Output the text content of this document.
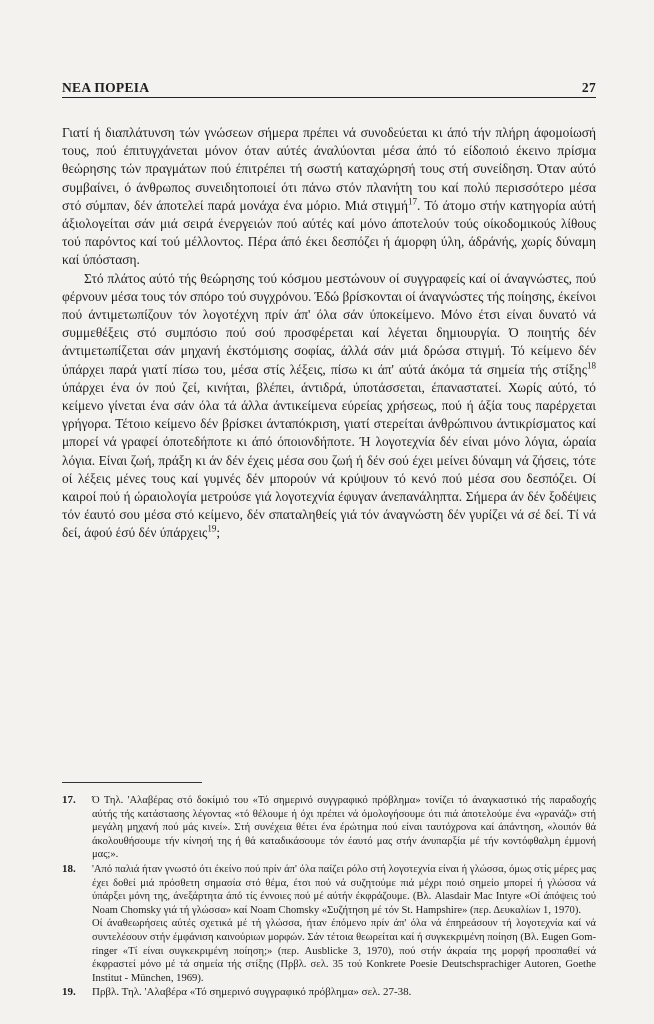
ΝΕΑ ΠΟΡΕΙΑ	27

Γιατί ή διαπλάτυνση τών γνώσεων σήμερα πρέπει νά συνοδεύεται κι άπό τήν πλήρη άφομοίωσή τους, πού έπιτυγχάνεται μόνον όταν αύτές άναλύονται μέσα άπό τό είδοποιό έκεινο πρίσμα θεώρησης τών πραγμάτων πού έπιτρέπει τή σωστή καταχώρησή τους στή συνείδηση. Όταν αύτό συμβαίνει, ό άνθρωπος συνειδητοποιεί ότι πάνω στόν πλανήτη του καί πολύ περισσότερο μέσα στό σύμπαν, δέν άποτελεί παρά μονάχα ένα μόριο. Μιά στιγμή$^{17}$. Τό άτομο στήν κατηγορία αύτή άξιολογείται σάν μιά σειρά ένεργειών πού αύτές καί μόνο άποτελούν τούς οίκοδομικούς λίθους τού παρόντος καί τού μέλλοντος. Πέρα άπό έκει δεσπόζει ή άμορφη ύλη, άδράνής, χωρίς δύναμη καί ύπόσταση.

Στό πλάτος αύτό τής θεώρησης τού κόσμου μεστώνουν οί συγγραφείς καί οί άναγνώστες, πού φέρνουν μέσα τους τόν σπόρο τού συγχρόνου. Έδώ βρίσκονται οί άναγνώστες τής ποίησης, έκείνοι πού άντιμετωπίζουν τόν λογοτέχνη πρίν άπ' όλα σάν ύποκείμενο. Μόνο έτσι είναι δυνατό νά συμμεθέξεις στό συμπόσιο πού σού προσφέρεται καί λέγεται δημιουργία. Ό ποιητής δέν άντιμετωπίζεται σάν μηχανή έκστόμισης σοφίας, άλλά σάν μιά δρώσα στιγμή. Τό κείμενο δέν ύπάρχει παρά γιατί πίσω του, μέσα στίς λέξεις, πίσω κι άπ' αύτά άκόμα τά σημεία τής στίξης$^{18}$ ύπάρχει ένα όν πού ζεί, κινήται, βλέπει, άντιδρά, ύποτάσσεται, έπαναστατεί. Χωρίς αύτό, τό κείμενο γίνεται ένα σάν όλα τά άλλα άντικείμενα εύρείας χρήσεως, πού ή άξία τους παρέρχεται γρήγορα. Τέτοιο κείμενο δέν βρίσκει άνταπόκριση, γιατί στερείται άνθρώπινου άντικρίσματος καί μπορεί νά γραφεί όποτεδήποτε κι άπό όποιονδήποτε. Ή λογοτεχνία δέν είναι μόνο λόγια, ώραία λόγια. Είναι ζωή, πράξη κι άν δέν έχεις μέσα σου ζωή ή δέν σού έχει μείνει δύναμη νά ζήσεις, τότε οί λέξεις μένες τους καί γυμνές δέν μπορούν νά κρύψουν τό κενό πού μέσα σου δεσπόζει. Οί καιροί πού ή ώραιολογία μετρούσε γιά λογοτεχνία έφυγαν άνεπανάληπτα. Σήμερα άν δέν ξοδέψεις τόν έαυτό σου μέσα στό κείμενο, δέν σπαταληθείς γιά τόν άναγνώστη δέν γυρίζει νά σέ δεί. Τί νά δεί, άφού έσύ δέν ύπάρχεις$^{19}$;

17.	Ό Τηλ. 'Αλαβέρας στό δοκίμιό του «Τό σημερινό συγγραφικό πρόβλημα» τονίζει τό άναγκαστικό τής παραδοχής αύτής τής κατάστασης λέγοντας «τό θέλουμε ή όχι πρέπει νά όμολογήσουμε ότι πιά άποτελούμε ένα «γρανάζι» στή μεγάλη μηχανή πού μάς κινεί». Στή συνέχεια θέτει ένα έρώτημα πού είναι ταυτόχρονα καί άπάντηση, «λοιπόν θά άκολουθήσουμε τήν κίνησή της ή θά καταδικάσουμε τόν έαυτό μας στήν άνυπαρξία μέ τήν κοντόφθαλμη έμμονή μας;».

18.	'Από παλιά ήταν γνωστό ότι έκείνο πού πρίν άπ' όλα παίζει ρόλο στή λογοτεχνία είναι ή γλώσσα, όμως στίς μέρες μας έχει δοθεί μιά πρόσθετη σημασία στό θέμα, έτσι πού νά συζητούμε πιά μέχρι ποιό σημείο μπορεί ή γλώσσα νά ύπάρξει μόνη της, άνεξάρτητα άπό τίς έννοιες πού μέ αύτήν έκφράζουμε. (Βλ. Alasdair Mac Intyre «Οί άπόψεις τού Noam Chomsky γιά τή γλώσσα» καί Noam Chomsky «Συζήτηση μέ τόν St. Hampshire» (περ. Δευκαλίων 1, 1970).

Οί άναθεωρήσεις αύτές σχετικά μέ τή γλώσσα, ήταν έπόμενο πρίν άπ' όλα νά έπηρεάσουν τή λογοτεχνία καί νά συντελέσουν στήν έμφάνιση καινούριων μορφών. Σάν τέτοια θεωρείται καί ή συγκεκριμένη ποίηση (Βλ. Eugen Gomringer «Τί είναι συγκεκριμένη ποίηση;» (περ. Ausblicke 3, 1970), πού στήν άκραία της μορφή προσπαθεί νά έκφραστεί μόνο μέ τά σημεία τής στίξης (Πρβλ. σελ. 35 τού Konkrete Poesie Deutschsprachiger Autoren, Goethe Institut - München, 1969).

19.	Πρβλ. Τηλ. 'Αλαβέρα «Τό σημερινό συγγραφικό πρόβλημα» σελ. 27-38.
